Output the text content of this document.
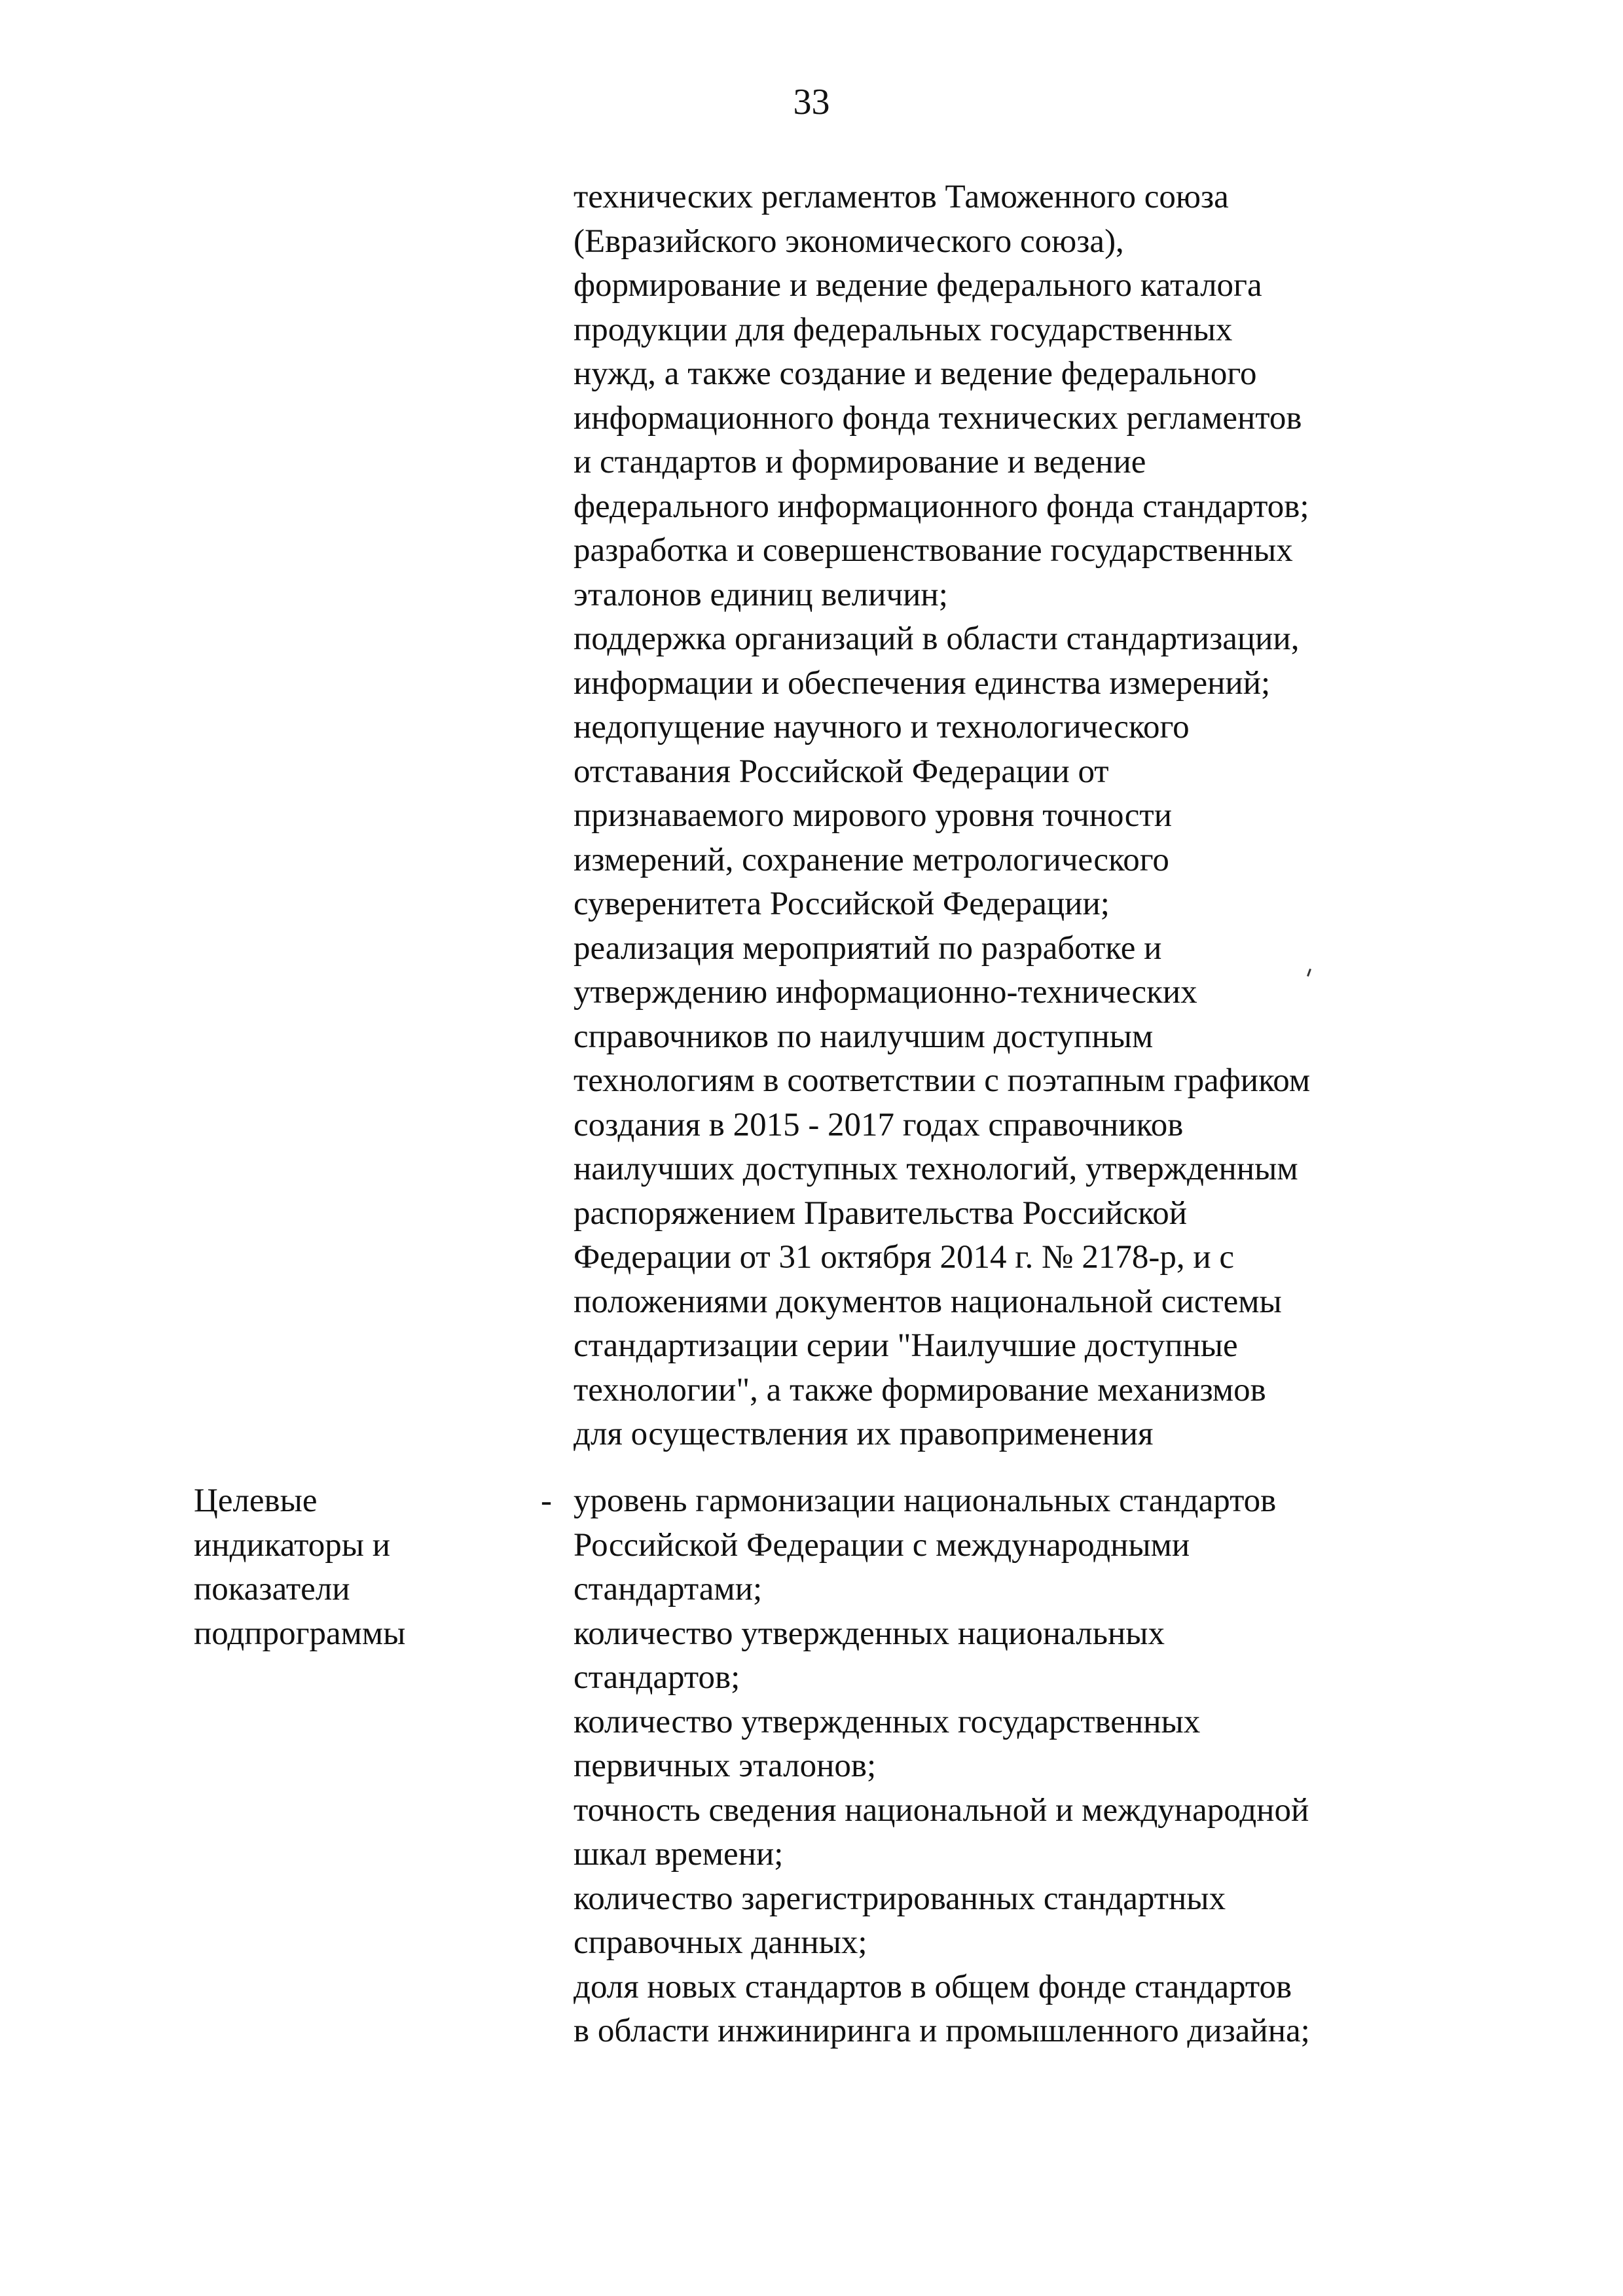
33
технических регламентов Таможенного союза
(Евразийского экономического союза),
формирование и ведение федерального каталога
продукции для федеральных государственных
нужд, а также создание и ведение федерального
информационного фонда технических регламентов
и стандартов и формирование и ведение
федерального информационного фонда стандартов;
разработка и совершенствование государственных
эталонов единиц величин;
поддержка организаций в области стандартизации,
информации и обеспечения единства измерений;
недопущение научного и технологического
отставания Российской Федерации от
признаваемого мирового уровня точности
измерений, сохранение метрологического
суверенитета Российской Федерации;
реализация мероприятий по разработке и
утверждению информационно-технических
справочников по наилучшим доступным
технологиям в соответствии с поэтапным графиком
создания в 2015 - 2017 годах справочников
наилучших доступных технологий, утвержденным
распоряжением Правительства Российской
Федерации от 31 октября 2014 г. № 2178-р, и с
положениями документов национальной системы
стандартизации серии "Наилучшие доступные
технологии", а также формирование механизмов
для осуществления их правоприменения
Целевые
индикаторы и
показатели
подпрограммы
- уровень гармонизации национальных стандартов
Российской Федерации с международными
стандартами;
количество утвержденных национальных
стандартов;
количество утвержденных государственных
первичных эталонов;
точность сведения национальной и международной
шкал времени;
количество зарегистрированных стандартных
справочных данных;
доля новых стандартов в общем фонде стандартов
в области инжиниринга и промышленного дизайна;
